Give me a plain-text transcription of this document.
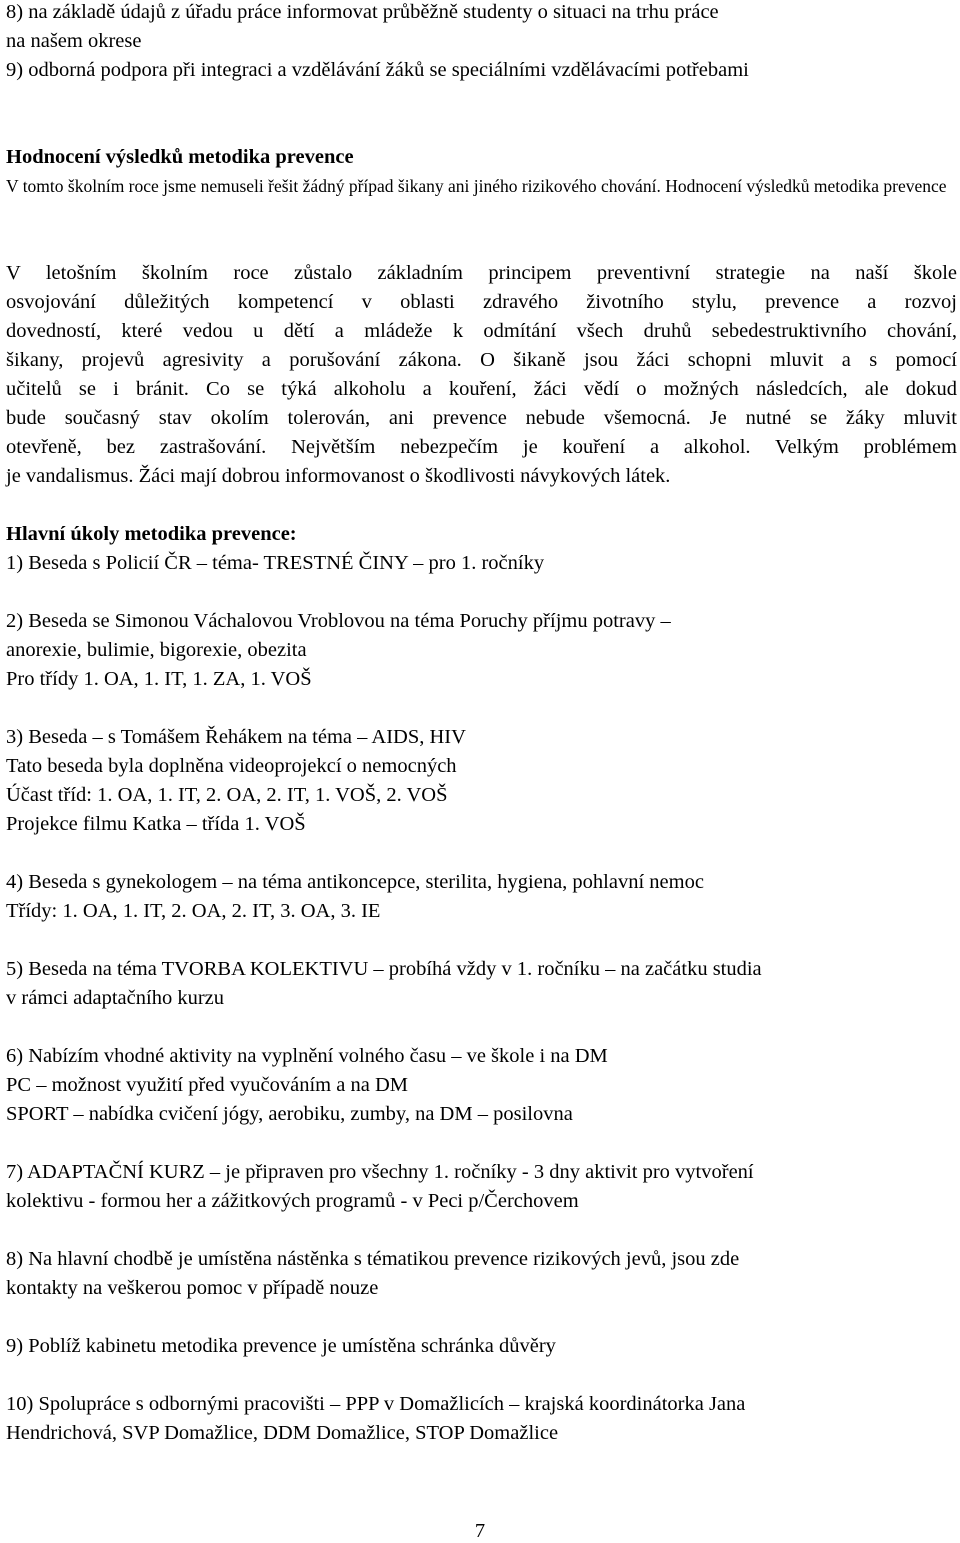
8) na základě údajů z úřadu práce informovat průběžně studenty o situaci na trhu práce
na našem okrese
9) odborná podpora při integraci a vzdělávání žáků se speciálními vzdělávacími potřebami
Hodnocení výsledků metodika prevence
V tomto školním roce jsme nemuseli řešit žádný případ šikany ani jiného rizikového chování. Hodnocení výsledků metodika prevence
V letošním školním roce zůstalo základním principem preventivní strategie na naší škole
osvojování důležitých kompetencí v oblasti zdravého životního stylu, prevence a rozvoj
dovedností, které vedou u dětí a mládeže k odmítání všech druhů sebedestruktivního chování,
šikany, projevů agresivity a porušování zákona. O šikaně jsou žáci schopni mluvit a s pomocí
učitelů se i bránit. Co se týká alkoholu a kouření, žáci vědí o možných následcích, ale dokud
bude současný stav okolím tolerován, ani prevence nebude všemocná. Je nutné se žáky mluvit
otevřeně, bez zastrašování. Největším nebezpečím je kouření a alkohol. Velkým problémem
je vandalismus. Žáci mají dobrou informovanost o škodlivosti návykových látek.
Hlavní úkoly metodika prevence:
1) Beseda s Policií ČR – téma- TRESTNÉ ČINY – pro 1. ročníky
2) Beseda se Simonou Váchalovou Vroblovou na téma Poruchy příjmu potravy –
anorexie, bulimie, bigorexie, obezita
Pro třídy 1. OA, 1. IT, 1. ZA, 1. VOŠ
3) Beseda – s Tomášem Řehákem na téma – AIDS, HIV
Tato beseda byla doplněna videoprojekcí o nemocných
Účast tříd: 1. OA, 1. IT, 2. OA, 2. IT, 1. VOŠ, 2. VOŠ
Projekce filmu Katka – třída 1. VOŠ
4) Beseda s gynekologem – na téma antikoncepce, sterilita, hygiena, pohlavní nemoc
Třídy: 1. OA, 1. IT, 2. OA, 2. IT, 3. OA, 3. IE
5) Beseda na téma TVORBA KOLEKTIVU – probíhá vždy v 1. ročníku – na začátku studia
v rámci adaptačního kurzu
6) Nabízím vhodné aktivity na vyplnění volného času – ve škole i na DM
PC – možnost využití před vyučováním a na DM
SPORT – nabídka cvičení jógy, aerobiku, zumby, na DM – posilovna
7) ADAPTAČNÍ KURZ – je připraven pro všechny 1. ročníky - 3 dny aktivit pro vytvoření
kolektivu - formou her a zážitkových programů - v Peci p/Čerchovem
8) Na hlavní chodbě je umístěna nástěnka s tématikou prevence rizikových jevů, jsou zde
kontakty na veškerou pomoc v případě nouze
9) Poblíž kabinetu metodika prevence je umístěna schránka důvěry
10) Spolupráce s odbornými pracovišti – PPP v Domažlicích – krajská koordinátorka Jana
Hendrichová, SVP Domažlice, DDM Domažlice, STOP Domažlice
7
